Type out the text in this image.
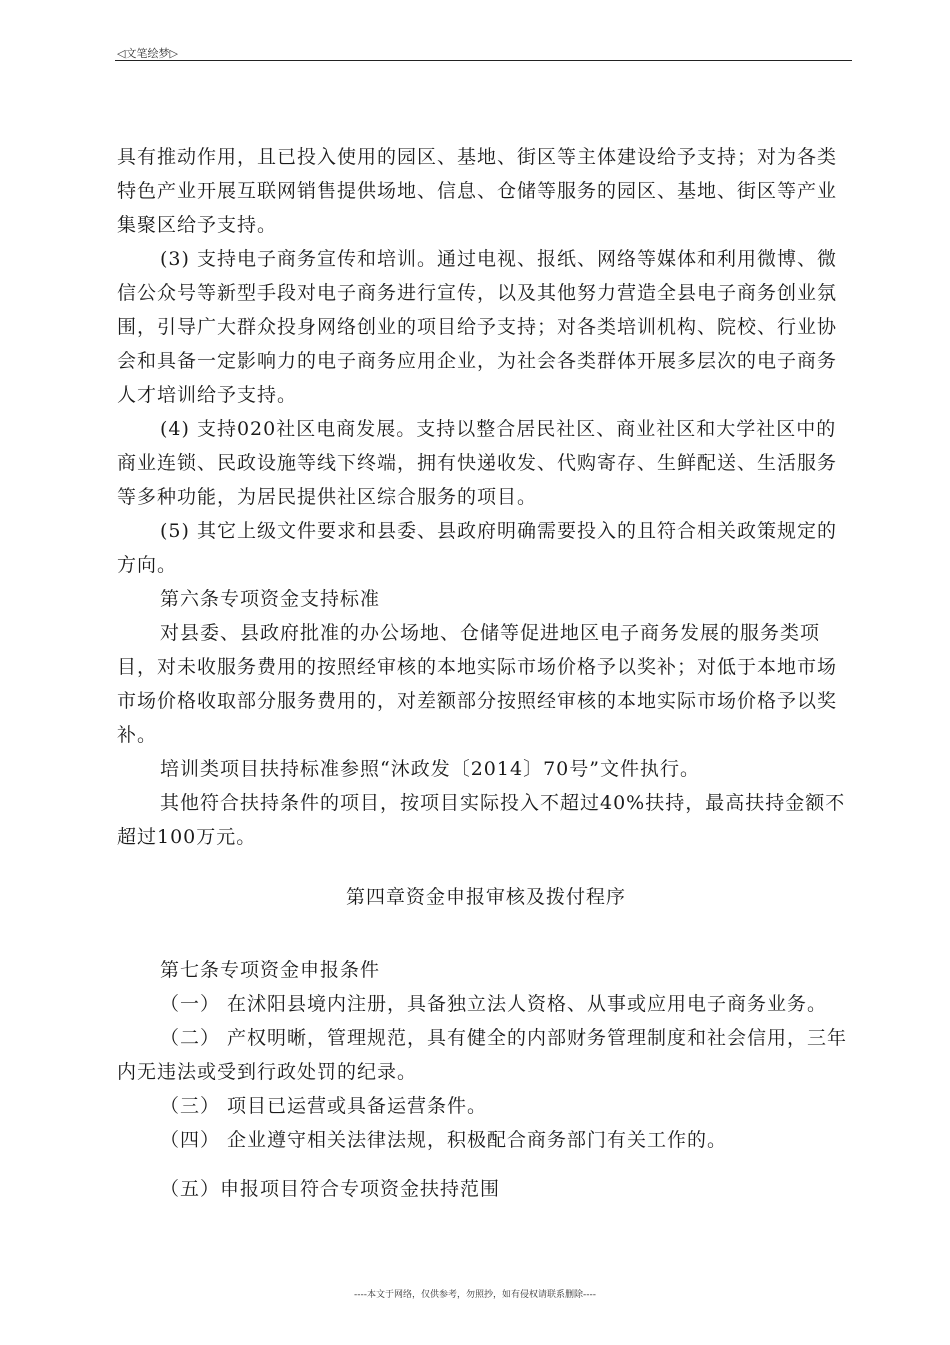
◁文笔绘梦▷

具有推动作用，且已投入使用的园区、基地、街区等主体建设给予支持；对为各类特色产业开展互联网销售提供场地、信息、仓储等服务的园区、基地、街区等产业集聚区给予支持。

(3) 支持电子商务宣传和培训。通过电视、报纸、网络等媒体和利用微博、微信公众号等新型手段对电子商务进行宣传，以及其他努力营造全县电子商务创业氛围，引导广大群众投身网络创业的项目给予支持；对各类培训机构、院校、行业协会和具备一定影响力的电子商务应用企业，为社会各类群体开展多层次的电子商务人才培训给予支持。

(4) 支持020社区电商发展。支持以整合居民社区、商业社区和大学社区中的商业连锁、民政设施等线下终端，拥有快递收发、代购寄存、生鲜配送、生活服务等多种功能，为居民提供社区综合服务的项目。

(5) 其它上级文件要求和县委、县政府明确需要投入的且符合相关政策规定的方向。

第六条专项资金支持标准

对县委、县政府批准的办公场地、仓储等促进地区电子商务发展的服务类项目，对未收服务费用的按照经审核的本地实际市场价格予以奖补；对低于本地市场市场价格收取部分服务费用的，对差额部分按照经审核的本地实际市场价格予以奖补。

培训类项目扶持标准参照“沐政发〔2014〕70号”文件执行。

其他符合扶持条件的项目，按项目实际投入不超过40%扶持，最高扶持金额不超过100万元。

第四章资金申报审核及拨付程序

第七条专项资金申报条件

（一） 在沭阳县境内注册，具备独立法人资格、从事或应用电子商务业务。

（二） 产权明晰，管理规范，具有健全的内部财务管理制度和社会信用，三年内无违法或受到行政处罚的纪录。

（三） 项目已运营或具备运营条件。

（四） 企业遵守相关法律法规，积极配合商务部门有关工作的。

（五）申报项目符合专项资金扶持范围

----本文于网络，仅供参考，勿照抄，如有侵权请联系删除----
